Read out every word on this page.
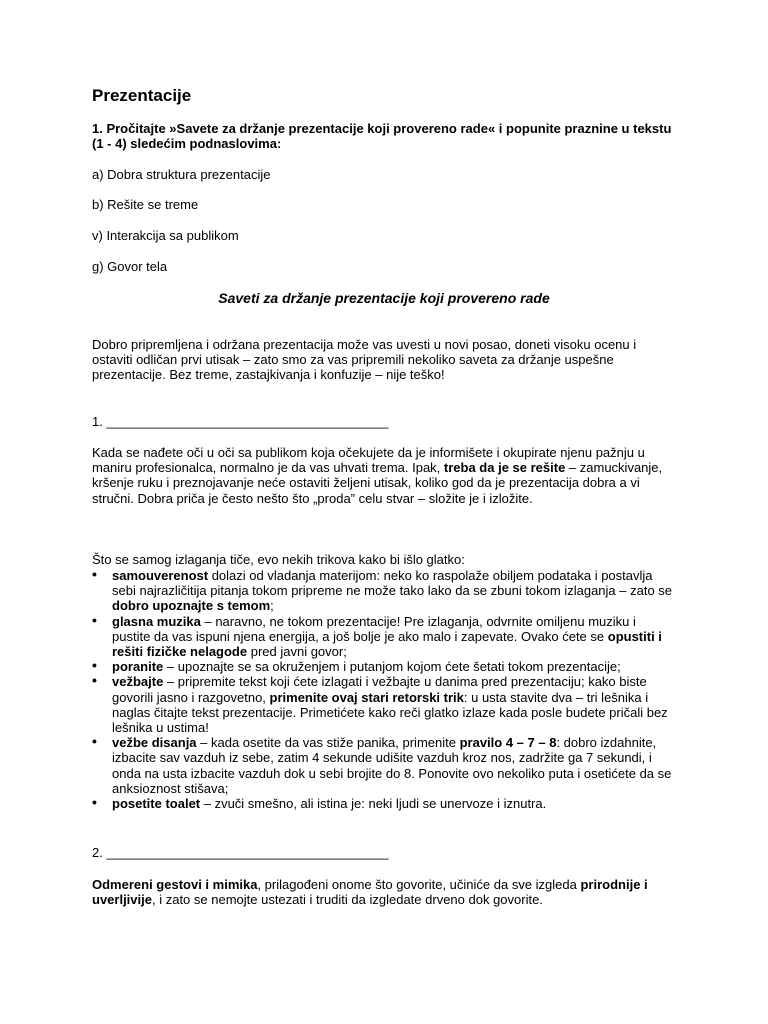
Prezentacije
1. Pročitajte »Savete za držanje prezentacije koji provereno rade« i popunite praznine u tekstu (1 - 4) sledećim podnaslovima:
a) Dobra struktura prezentacije
b) Rešite se treme
v) Interakcija sa publikom
g) Govor tela
Saveti za držanje prezentacije koji provereno rade
Dobro pripremljena i održana prezentacija može vas uvesti u novi posao, doneti visoku ocenu i ostaviti odličan prvi utisak – zato smo za vas pripremili nekoliko saveta za držanje uspešne prezentacije. Bez treme, zastajkivanja i konfuzije – nije teško!
1. _______________________________________
Kada se nađete oči u oči sa publikom koja očekujete da je informišete i okupirate njenu pažnju u maniru profesionalca, normalno je da vas uhvati trema. Ipak, treba da je se rešite – zamuckivanje, kršenje ruku i preznojavanje neće ostaviti željeni utisak, koliko god da je prezentacija dobra a vi stručni. Dobra priča je često nešto što „proda” celu stvar – složite je i izložite.
Što se samog izlaganja tiče, evo nekih trikova kako bi išlo glatko:
• samouverenost dolazi od vladanja materijom: neko ko raspolaže obiljem podataka i postavlja sebi najrazličitija pitanja tokom pripreme ne može tako lako da se zbuni tokom izlaganja – zato se dobro upoznajte s temom;
• glasna muzika – naravno, ne tokom prezentacije! Pre izlaganja, odvrnite omiljenu muziku i pustite da vas ispuni njena energija, a još bolje je ako malo i zapevate. Ovako ćete se opustiti i rešiti fizičke nelagode pred javni govor;
• poranite – upoznajte se sa okruženjem i putanjom kojom ćete šetati tokom prezentacije;
• vežbajte – pripremite tekst koji ćete izlagati i vežbajte u danima pred prezentaciju; kako biste govorili jasno i razgovetno, primenite ovaj stari retorski trik: u usta stavite dva – tri lešnika i naglas čitajte tekst prezentacije. Primetićete kako reči glatko izlaze kada posle budete pričali bez lešnika u ustima!
• vežbe disanja – kada osetite da vas stiže panika, primenite pravilo 4 – 7 – 8: dobro izdahnite, izbacite sav vazduh iz sebe, zatim 4 sekunde udišite vazduh kroz nos, zadržite ga 7 sekundi, i onda na usta izbacite vazduh dok u sebi brojite do 8. Ponovite ovo nekoliko puta i osetićete da se anksioznost stišava;
• posetite toalet – zvuči smešno, ali istina je: neki ljudi se unervoze i iznutra.
2. _______________________________________
Odmereni gestovi i mimika, prilagođeni onome što govorite, učiniće da sve izgleda prirodnije i uverljivije, i zato se nemojte ustezati i truditi da izgledate drveno dok govorite.
